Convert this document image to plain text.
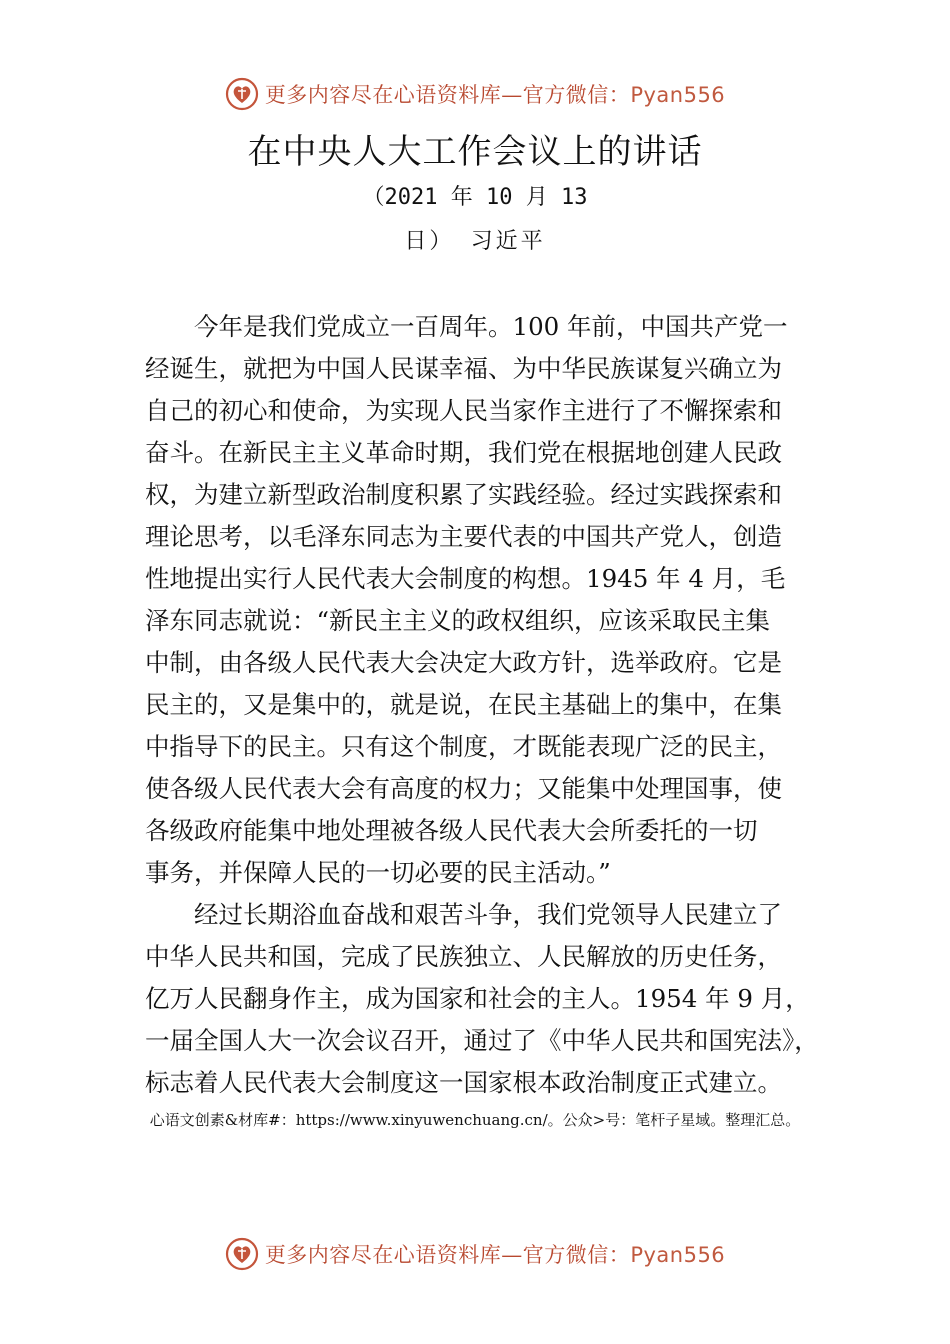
更多内容尽在心语资料库—官方微信：Pyan556
在中央人大工作会议上的讲话
（2021 年 10 月 13
日） 习近平

今年是我们党成立一百周年。100 年前，中国共产党一
经诞生，就把为中国人民谋幸福、为中华民族谋复兴确立为
自己的初心和使命，为实现人民当家作主进行了不懈探索和
奋斗。在新民主主义革命时期，我们党在根据地创建人民政
权，为建立新型政治制度积累了实践经验。经过实践探索和
理论思考，以毛泽东同志为主要代表的中国共产党人，创造
性地提出实行人民代表大会制度的构想。1945 年 4 月，毛
泽东同志就说：“新民主主义的政权组织，应该采取民主集
中制，由各级人民代表大会决定大政方针，选举政府。它是
民主的，又是集中的，就是说，在民主基础上的集中，在集
中指导下的民主。只有这个制度，才既能表现广泛的民主，
使各级人民代表大会有高度的权力；又能集中处理国事，使
各级政府能集中地处理被各级人民代表大会所委托的一切
事务，并保障人民的一切必要的民主活动。”

经过长期浴血奋战和艰苦斗争，我们党领导人民建立了
中华人民共和国，完成了民族独立、人民解放的历史任务，
亿万人民翻身作主，成为国家和社会的主人。1954 年 9 月，
一届全国人大一次会议召开，通过了《中华人民共和国宪法》，
标志着人民代表大会制度这一国家根本政治制度正式建立。

心语文创素&材库#：https://www.xinyuwenchuang.cn/。公众>号：笔杆子星域。整理汇总。
更多内容尽在心语资料库—官方微信：Pyan556
